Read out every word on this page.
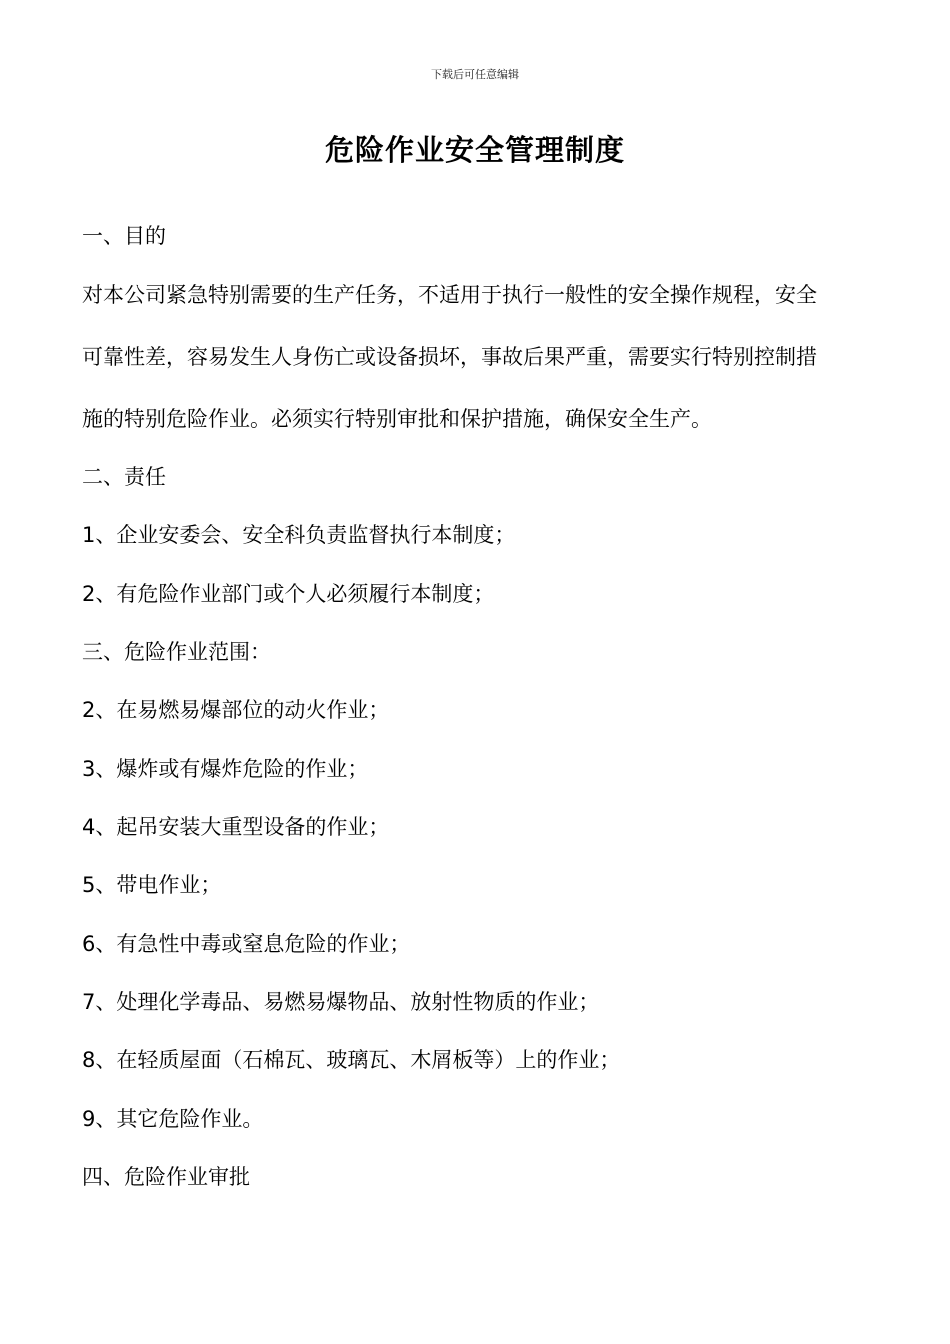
下载后可任意编辑
危险作业安全管理制度
一、目的
对本公司紧急特别需要的生产任务，不适用于执行一般性的安全操作规程，安全
可靠性差，容易发生人身伤亡或设备损坏，事故后果严重，需要实行特别控制措
施的特别危险作业。必须实行特别审批和保护措施，确保安全生产。
二、责任
1、企业安委会、安全科负责监督执行本制度；
2、有危险作业部门或个人必须履行本制度；
三、危险作业范围：
2、在易燃易爆部位的动火作业；
3、爆炸或有爆炸危险的作业；
4、起吊安装大重型设备的作业；
5、带电作业；
6、有急性中毒或窒息危险的作业；
7、处理化学毒品、易燃易爆物品、放射性物质的作业；
8、在轻质屋面（石棉瓦、玻璃瓦、木屑板等）上的作业；
9、其它危险作业。
四、危险作业审批
